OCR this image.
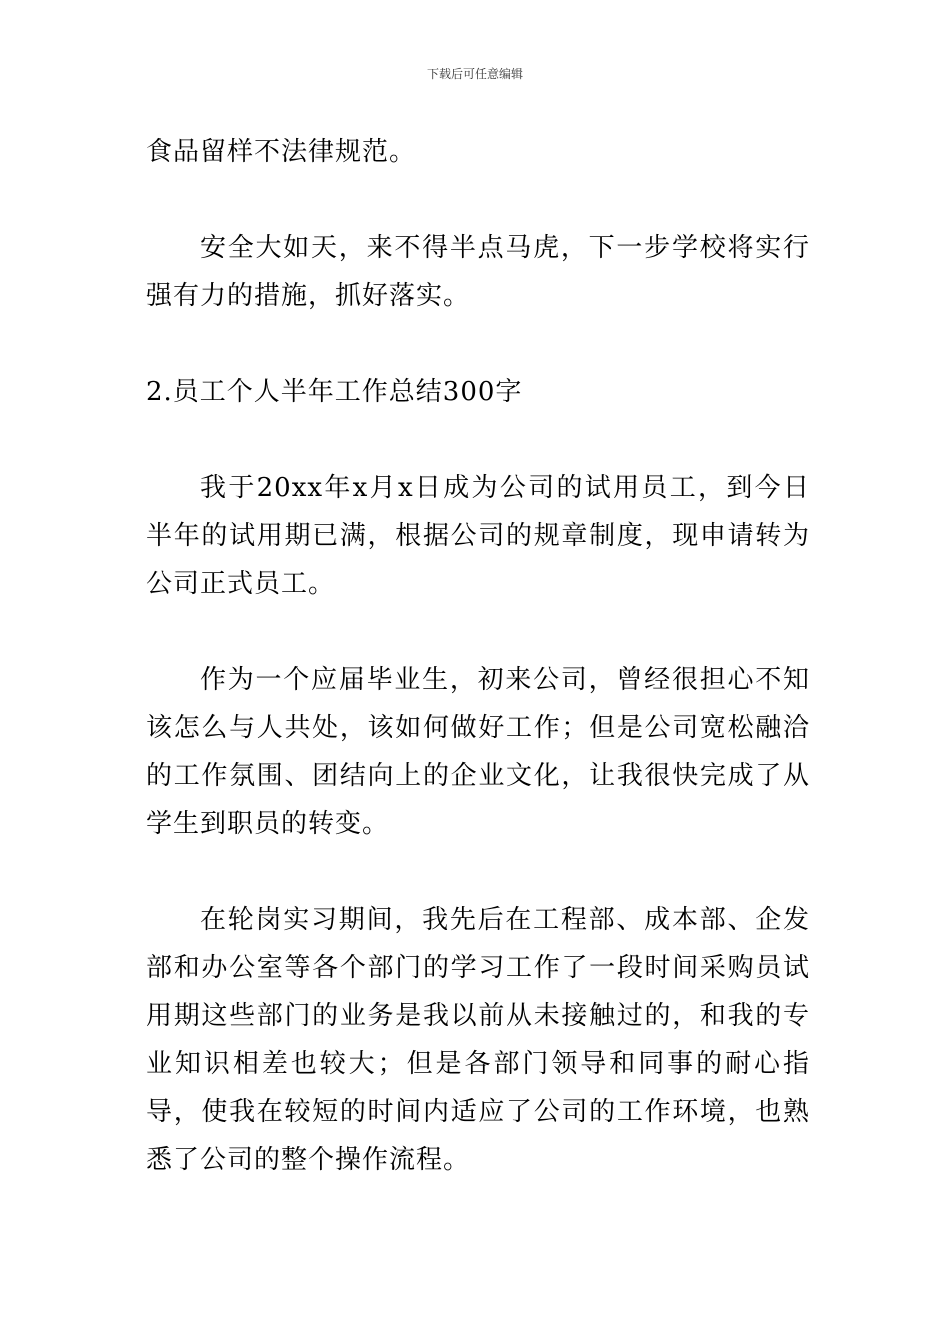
下载后可任意编辑

食品留样不法律规范。

安全大如天，来不得半点马虎，下一步学校将实行强有力的措施，抓好落实。

2.员工个人半年工作总结300字

我于20xx年x月x日成为公司的试用员工，到今日半年的试用期已满，根据公司的规章制度，现申请转为公司正式员工。

作为一个应届毕业生，初来公司，曾经很担心不知该怎么与人共处，该如何做好工作；但是公司宽松融洽的工作氛围、团结向上的企业文化，让我很快完成了从学生到职员的转变。

在轮岗实习期间，我先后在工程部、成本部、企发部和办公室等各个部门的学习工作了一段时间采购员试用期这些部门的业务是我以前从未接触过的，和我的专业知识相差也较大；但是各部门领导和同事的耐心指导，使我在较短的时间内适应了公司的工作环境，也熟悉了公司的整个操作流程。
